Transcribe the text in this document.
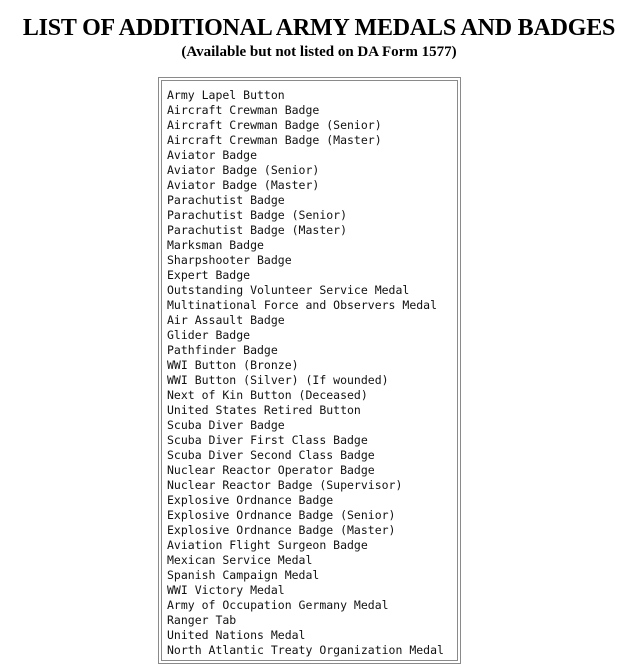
LIST OF ADDITIONAL ARMY MEDALS AND BADGES
(Available but not listed on DA Form 1577)
Army Lapel Button
Aircraft Crewman Badge
Aircraft Crewman Badge (Senior)
Aircraft Crewman Badge (Master)
Aviator Badge
Aviator Badge (Senior)
Aviator Badge (Master)
Parachutist Badge
Parachutist Badge (Senior)
Parachutist Badge (Master)
Marksman Badge
Sharpshooter Badge
Expert Badge
Outstanding Volunteer Service Medal
Multinational Force and Observers Medal
Air Assault Badge
Glider Badge
Pathfinder Badge
WWI Button (Bronze)
WWI Button (Silver) (If wounded)
Next of Kin Button (Deceased)
United States Retired Button
Scuba Diver Badge
Scuba Diver First Class Badge
Scuba Diver Second Class Badge
Nuclear Reactor Operator Badge
Nuclear Reactor Badge (Supervisor)
Explosive Ordnance Badge
Explosive Ordnance Badge (Senior)
Explosive Ordnance Badge (Master)
Aviation Flight Surgeon Badge
Mexican Service Medal
Spanish Campaign Medal
WWI Victory Medal
Army of Occupation Germany Medal
Ranger Tab
United Nations Medal
North Atlantic Treaty Organization Medal
